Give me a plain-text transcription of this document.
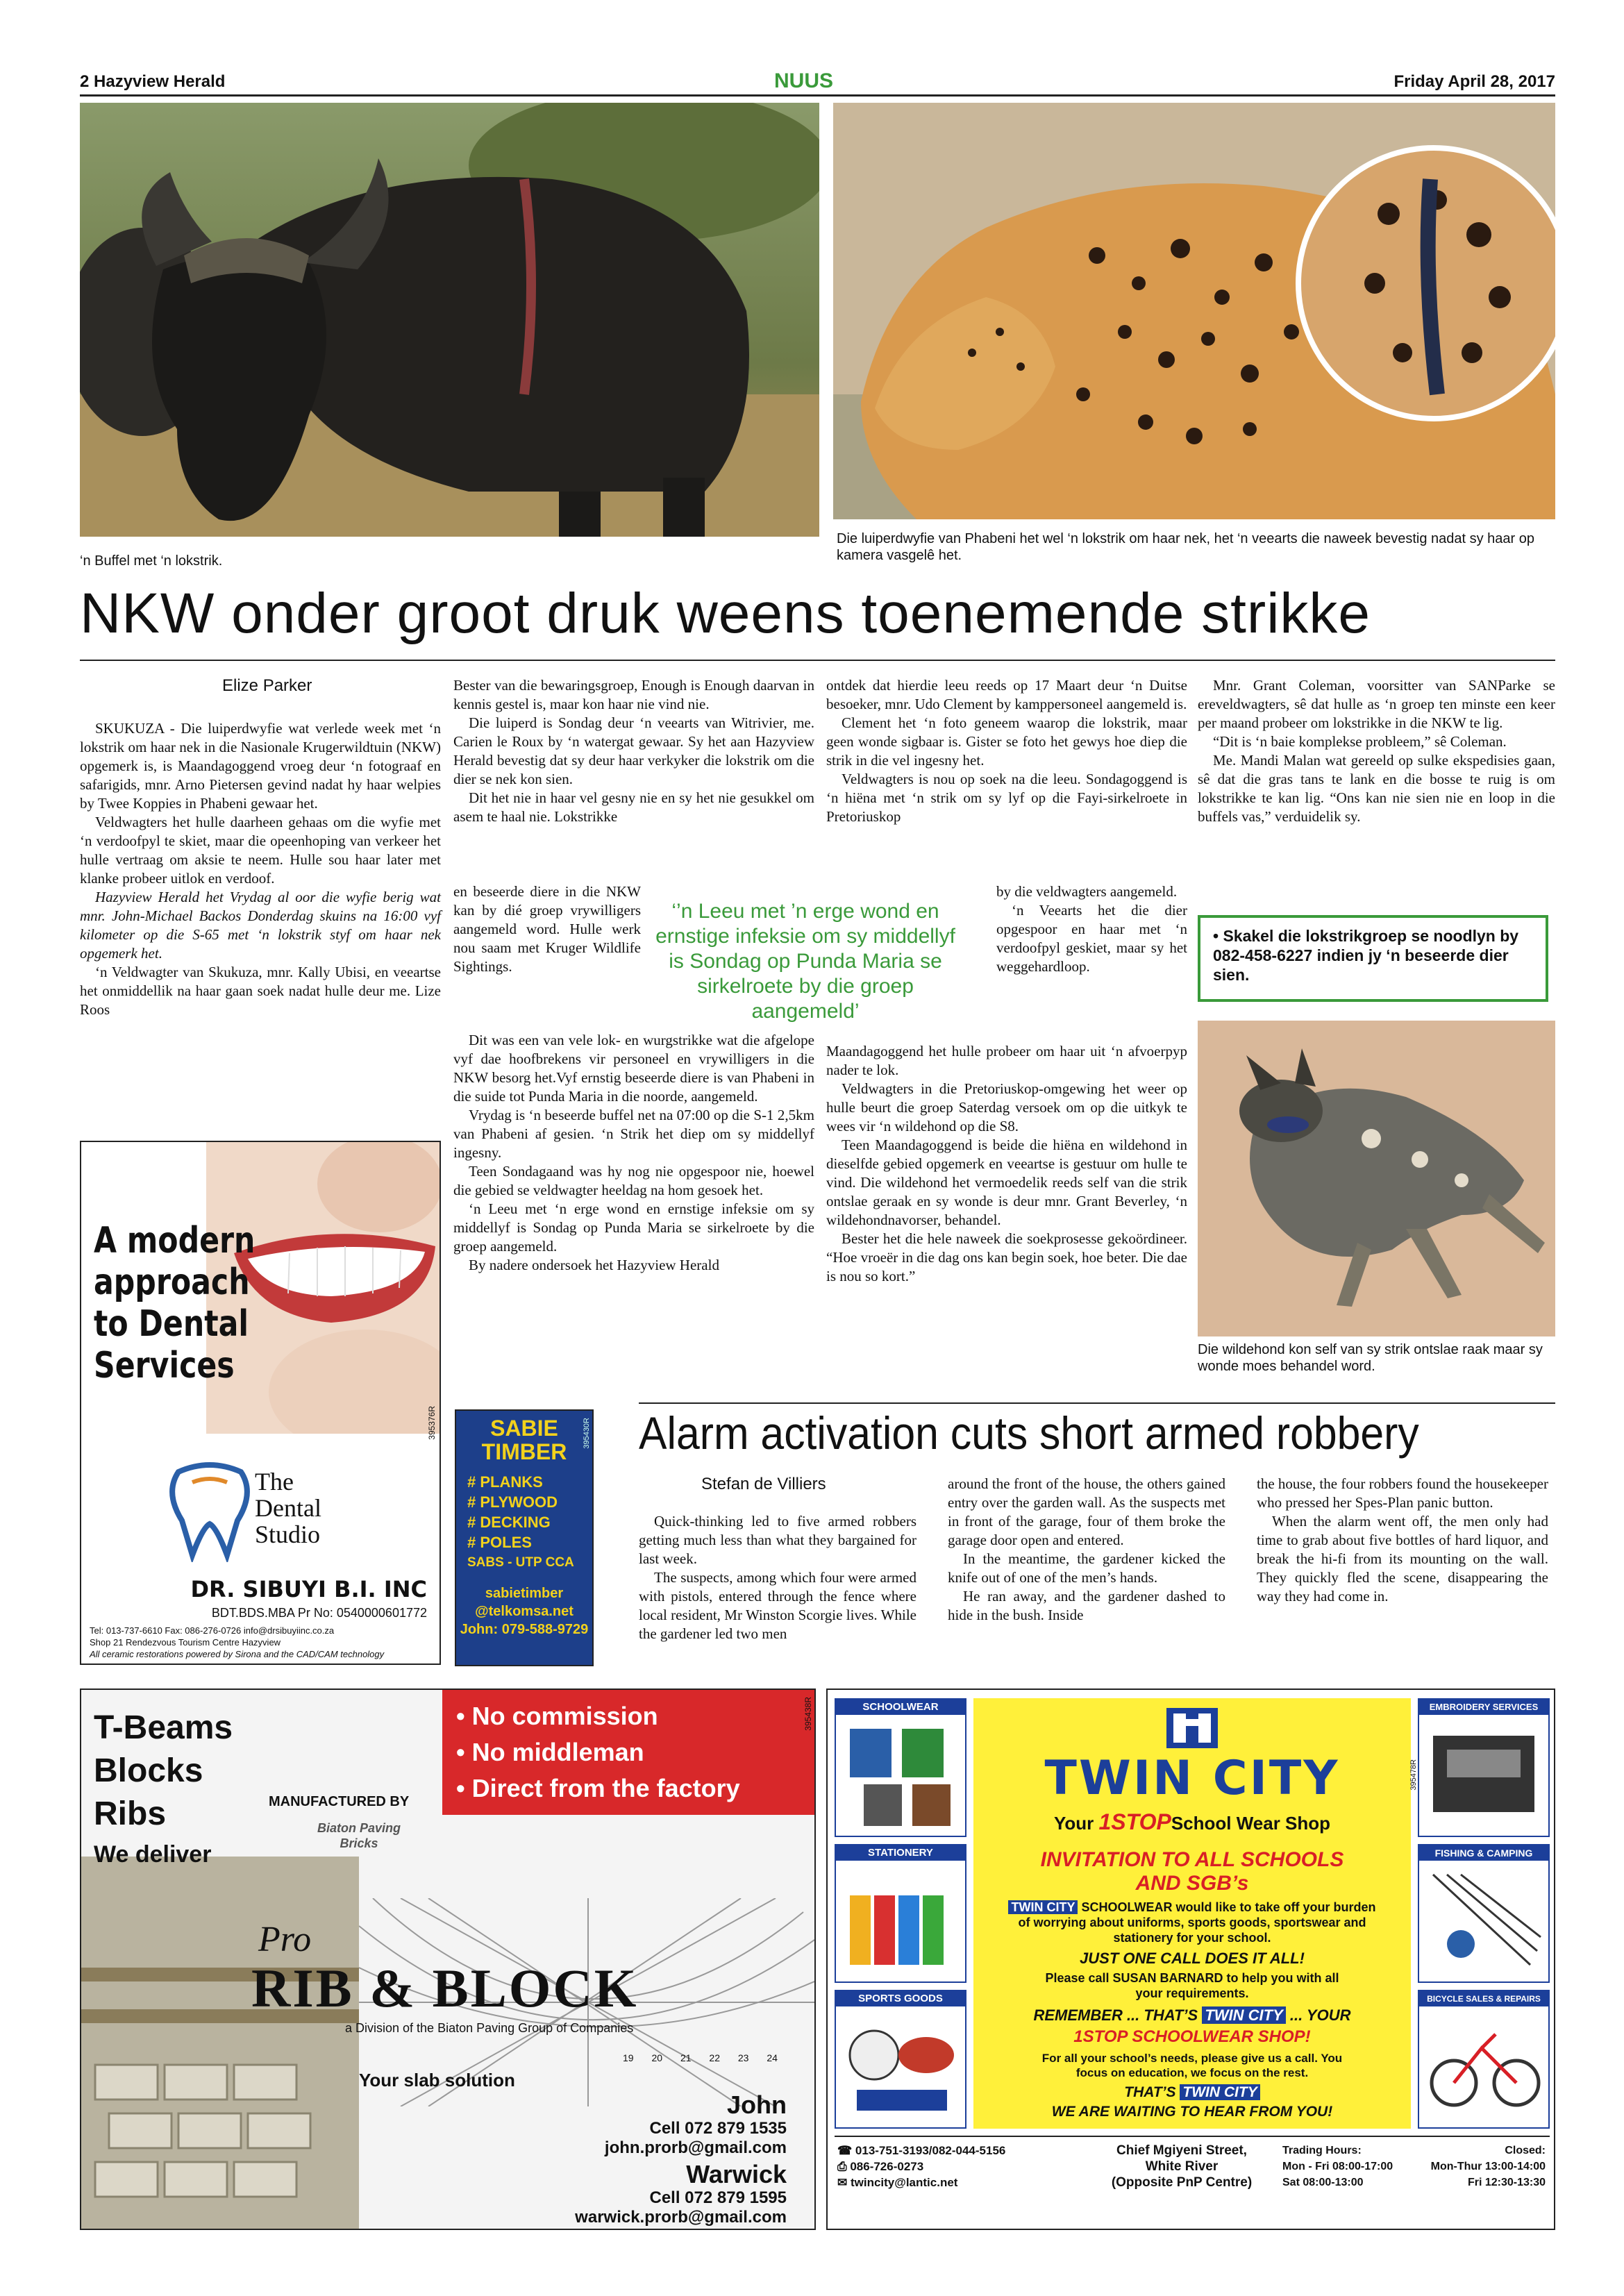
2 Hazyview Herald	NUUS	Friday April 28, 2017
‘n Buffel met ‘n lokstrik.
Die luiperdwyfie van Phabeni het wel ‘n lokstrik om haar nek, het ‘n veearts die naweek bevestig nadat sy haar op kamera vasgelê het.
NKW onder groot druk weens toenemende strikke
Elize Parker

SKUKUZA - Die luiperdwyfie wat verlede week met ‘n lokstrik om haar nek in die Nasionale Krugerwildtuin (NKW) opgemerk is, is Maandagoggend vroeg deur ‘n fotograaf en safarigids, mnr. Arno Pietersen gevind nadat hy haar welpies by Twee Koppies in Phabeni gewaar het.

Veldwagters het hulle daarheen gehaas om die wyfie met ‘n verdoofpyl te skiet, maar die opeenhoping van verkeer het hulle vertraag om aksie te neem. Hulle sou haar later met klanke probeer uitlok en verdoof.

Hazyview Herald het Vrydag al oor die wyfie berig wat mnr. John-Michael Backos Donderdag skuins na 16:00 vyf kilometer op die S-65 met ‘n lokstrik styf om haar nek opgemerk het.

‘n Veldwagter van Skukuza, mnr. Kally Ubisi, en veeartse het onmiddellik na haar gaan soek nadat hulle deur me. Lize Roos

Bester van die bewaringsgroep, Enough is Enough daarvan in kennis gestel is, maar kon haar nie vind nie.

Die luiperd is Sondag deur ‘n veearts van Witrivier, me. Carien le Roux by ‘n watergat gewaar. Sy het aan Hazyview Herald bevestig dat sy deur haar verkyker die lokstrik om die dier se nek kon sien.

Dit het nie in haar vel gesny nie en sy het nie gesukkel om asem te haal nie. Lokstrikke

en beseerde diere in die NKW kan by dié groep vrywilligers aangemeld word. Hulle werk nou saam met Kruger Wildlife Sightings.

Dit was een van vele lok- en wurgstrikke wat die afgelope vyf dae hoofbrekens vir personeel en vrywilligers in die NKW besorg het.Vyf ernstig beseerde diere is van Phabeni in die suide tot Punda Maria in die noorde, aangemeld.

Vrydag is ‘n beseerde buffel net na 07:00 op die S-1 2,5km van Phabeni af gesien. ‘n Strik het diep om sy middellyf ingesny.

Teen Sondagaand was hy nog nie opgespoor nie, hoewel die gebied se veldwagter heeldag na hom gesoek het.

‘n Leeu met ‘n erge wond en ernstige infeksie om sy middellyf is Sondag op Punda Maria se sirkelroete by die groep aangemeld.

By nadere ondersoek het Hazyview Herald

‘’n Leeu met ’n erge wond en ernstige infeksie om sy middellyf is Sondag op Punda Maria se sirkelroete by die groep aangemeld’

ontdek dat hierdie leeu reeds op 17 Maart deur ‘n Duitse besoeker, mnr. Udo Clement by kamppersoneel aangemeld is.

Clement het ‘n foto geneem waarop die lokstrik, maar geen wonde sigbaar is. Gister se foto het gewys hoe diep die strik in die vel ingesny het.

Veldwagters is nou op soek na die leeu. Sondagoggend is ‘n hiëna met ‘n strik om sy lyf op die Fayi-sirkelroete in Pretoriuskop

by die veldwagters aangemeld.

‘n Veearts het die dier opgespoor en haar met ‘n verdoofpyl geskiet, maar sy het weggehardloop.

Maandagoggend het hulle probeer om haar uit ‘n afvoerpyp nader te lok.

Veldwagters in die Pretoriuskop-omgewing het weer op hulle beurt die groep Saterdag versoek om op die uitkyk te wees vir ‘n wildehond op die S8.

Teen Maandagoggend is beide die hiëna en wildehond in dieselfde gebied opgemerk en veeartse is gestuur om hulle te vind. Die wildehond het vermoedelik reeds self van die strik ontslae geraak en sy wonde is deur mnr. Grant Beverley, ‘n wildehondnavorser, behandel.

Bester het die hele naweek die soekprosesse gekoördineer. “Hoe vroeër in die dag ons kan begin soek, hoe beter. Die dae is nou so kort.”

Mnr. Grant Coleman, voorsitter van SANParke se ereveldwagters, sê dat hulle as ‘n groep ten minste een keer per maand probeer om lokstrikke in die NKW te lig.

“Dit is ‘n baie komplekse probleem,” sê Coleman.

Me. Mandi Malan wat gereeld op sulke ekspedisies gaan, sê dat die gras tans te lank en die bosse te ruig is om lokstrikke te kan lig. “Ons kan nie sien nie en loop in die buffels vas,” verduidelik sy.

• Skakel die lokstrikgroep se noodlyn by 082-458-6227 indien jy ‘n beseerde dier sien.
Die wildehond kon self van sy strik ontslae raak maar sy wonde moes behandel word.
A modern
approach
to Dental
Services
The
Dental
Studio
DR. SIBUYI B.I. INC
BDT.BDS.MBA Pr No: 0540000601772
Tel: 013-737-6610 Fax: 086-276-0726 info@drsibuyiinc.co.za
Shop 21 Rendezvous Tourism Centre Hazyview
All ceramic restorations powered by Sirona and the CAD/CAM technology
395376R	SABIE
TIMBER
# PLANKS
# PLYWOOD
# DECKING
# POLES
SABS - UTP CCA
sabietimber
@telkomsa.net
John: 079-588-9729
395430R Alarm activation cuts short armed robbery
Stefan de Villiers

Quick-thinking led to five armed robbers getting much less than what they bargained for last week.

The suspects, among which four were armed with pistols, entered through the fence where local resident, Mr Winston Scorgie lives. While the gardener led two men

around the front of the house, the others gained entry over the garden wall. As the suspects met in front of the garage, four of them broke the garage door open and entered.

In the meantime, the gardener kicked the knife out of one of the men’s hands.

He ran away, and the gardener dashed to hide in the bush. Inside

the house, the four robbers found the housekeeper who pressed her Spes-Plan panic button.

When the alarm went off, the men only had time to grab about five bottles of hard liquor, and break the hi-fi from its mounting on the wall. They quickly fled the scene, disappearing the way they had come in.

T-Beams
Blocks
Ribs
We deliver
• No commission
• No middleman
• Direct from the factory
MANUFACTURED BY
Biaton Paving Bricks
Pro
RIB & BLOCK
a Division of the Biaton Paving Group of Companies
19 20 21 22 23 24
Your slab solution
John
Cell 072 879 1535
john.prorb@gmail.com
Warwick
Cell 072 879 1595
warwick.prorb@gmail.com
395438R	SCHOOLWEAR
STATIONERY
SPORTS GOODS
EMBROIDERY SERVICES
FISHING & CAMPING
BICYCLE SALES & REPAIRS
TWIN CITY
Your 1STOPSchool Wear Shop
INVITATION TO ALL SCHOOLS
AND SGB’s
TWIN CITY SCHOOLWEAR would like to take off your burden of worrying about uniforms, sports goods, sportswear and stationery for your school.
JUST ONE CALL DOES IT ALL!
Please call SUSAN BARNARD to help you with all your requirements.
REMEMBER ... THAT’S TWIN CITY ... YOUR
1STOP SCHOOLWEAR SHOP!
For all your school’s needs, please give us a call. You focus on education, we focus on the rest.
THAT’S TWIN CITY
WE ARE WAITING TO HEAR FROM YOU!
☎ 013-751-3193/082-044-5156
⎙ 086-726-0273
✉ twincity@lantic.net
Chief Mgiyeni Street,
White River
(Opposite PnP Centre)
Trading Hours:
Mon - Fri 08:00-17:00
Sat 08:00-13:00
Closed:
Mon-Thur 13:00-14:00
Fri 12:30-13:30
395478R
